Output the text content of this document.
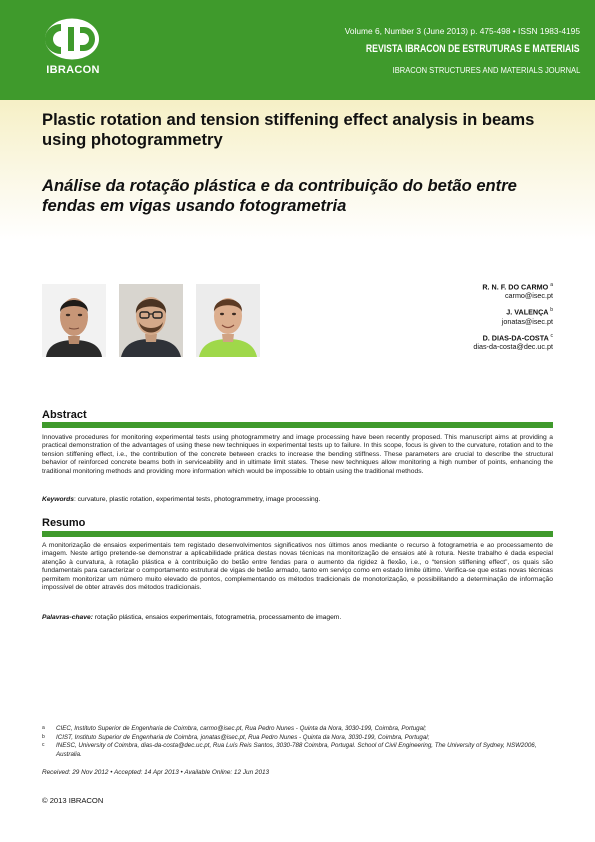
IBRACON
Volume 6, Number 3 (June 2013) p. 475-498 • ISSN 1983-4195
REVISTA IBRACON DE ESTRUTURAS E MATERIAIS
IBRACON STRUCTURES AND MATERIALS JOURNAL
Plastic rotation and tension stiffening effect analysis in beams using photogrammetry
Análise da rotação plástica e da contribuição do betão entre fendas em vigas usando fotogrametria
R. N. F. DO CARMO $^a$
carmo@isec.pt
J. VALENÇA $^b$
jonatas@isec.pt
D. DIAS-DA-COSTA $^c$
dias-da-costa@dec.uc.pt
Abstract

Innovative procedures for monitoring experimental tests using photogrammetry and image processing have been recently proposed. This manuscript aims at providing a practical demonstration of the advantages of using these new techniques in experimental tests up to failure. In this scope, focus is given to the curvature, rotation and to the tension stiffening effect, i.e., the contribution of the concrete between cracks to increase the bending stiffness. These parameters are crucial to describe the structural behavior of reinforced concrete beams both in serviceability and in ultimate limit states. These new techniques allow monitoring a high number of points, enhancing the traditional monitoring methods and providing more information which would be impossible to obtain using the traditional methods.

Keywords: curvature, plastic rotation, experimental tests, photogrammetry, image processing.

Resumo

A monitorização de ensaios experimentais tem registado desenvolvimentos significativos nos últimos anos mediante o recurso à fotogrametria e ao processamento de imagem. Neste artigo pretende-se demonstrar a aplicabilidade prática destas novas técnicas na monitorização de ensaios até à rotura. Neste trabalho é dada especial atenção à curvatura, à rotação plástica e à contribuição do betão entre fendas para o aumento da rigidez à flexão, i.e., o “tension stiffening effect”, os quais são fundamentais para caracterizar o comportamento estrutural de vigas de betão armado, tanto em serviço como em estado limite último. Verifica-se que estas novas técnicas permitem monitorizar um número muito elevado de pontos, complementando os métodos tradicionais de monotorização, e possibilitando a determinação de informação impossível de obter através dos métodos tradicionais.

Palavras-chave: rotação plástica, ensaios experimentais, fotogrametria, processamento de imagem.

a CIEC, Instituto Superior de Engenharia de Coimbra, carmo@isec.pt, Rua Pedro Nunes - Quinta da Nora, 3030-199, Coimbra, Portugal;
b ICIST, Instituto Superior de Engenharia de Coimbra, jonatas@isec.pt, Rua Pedro Nunes - Quinta da Nora, 3030-199, Coimbra, Portugal;
c INESC, University of Coimbra, dias-da-costa@dec.uc.pt, Rua Luís Reis Santos, 3030-788 Coimbra, Portugal. School of Civil Engineering, The University of Sydney, NSW2006, Australia.
Received: 29 Nov 2012 • Accepted: 14 Apr 2013 • Available Online: 12 Jun 2013
© 2013 IBRACON
